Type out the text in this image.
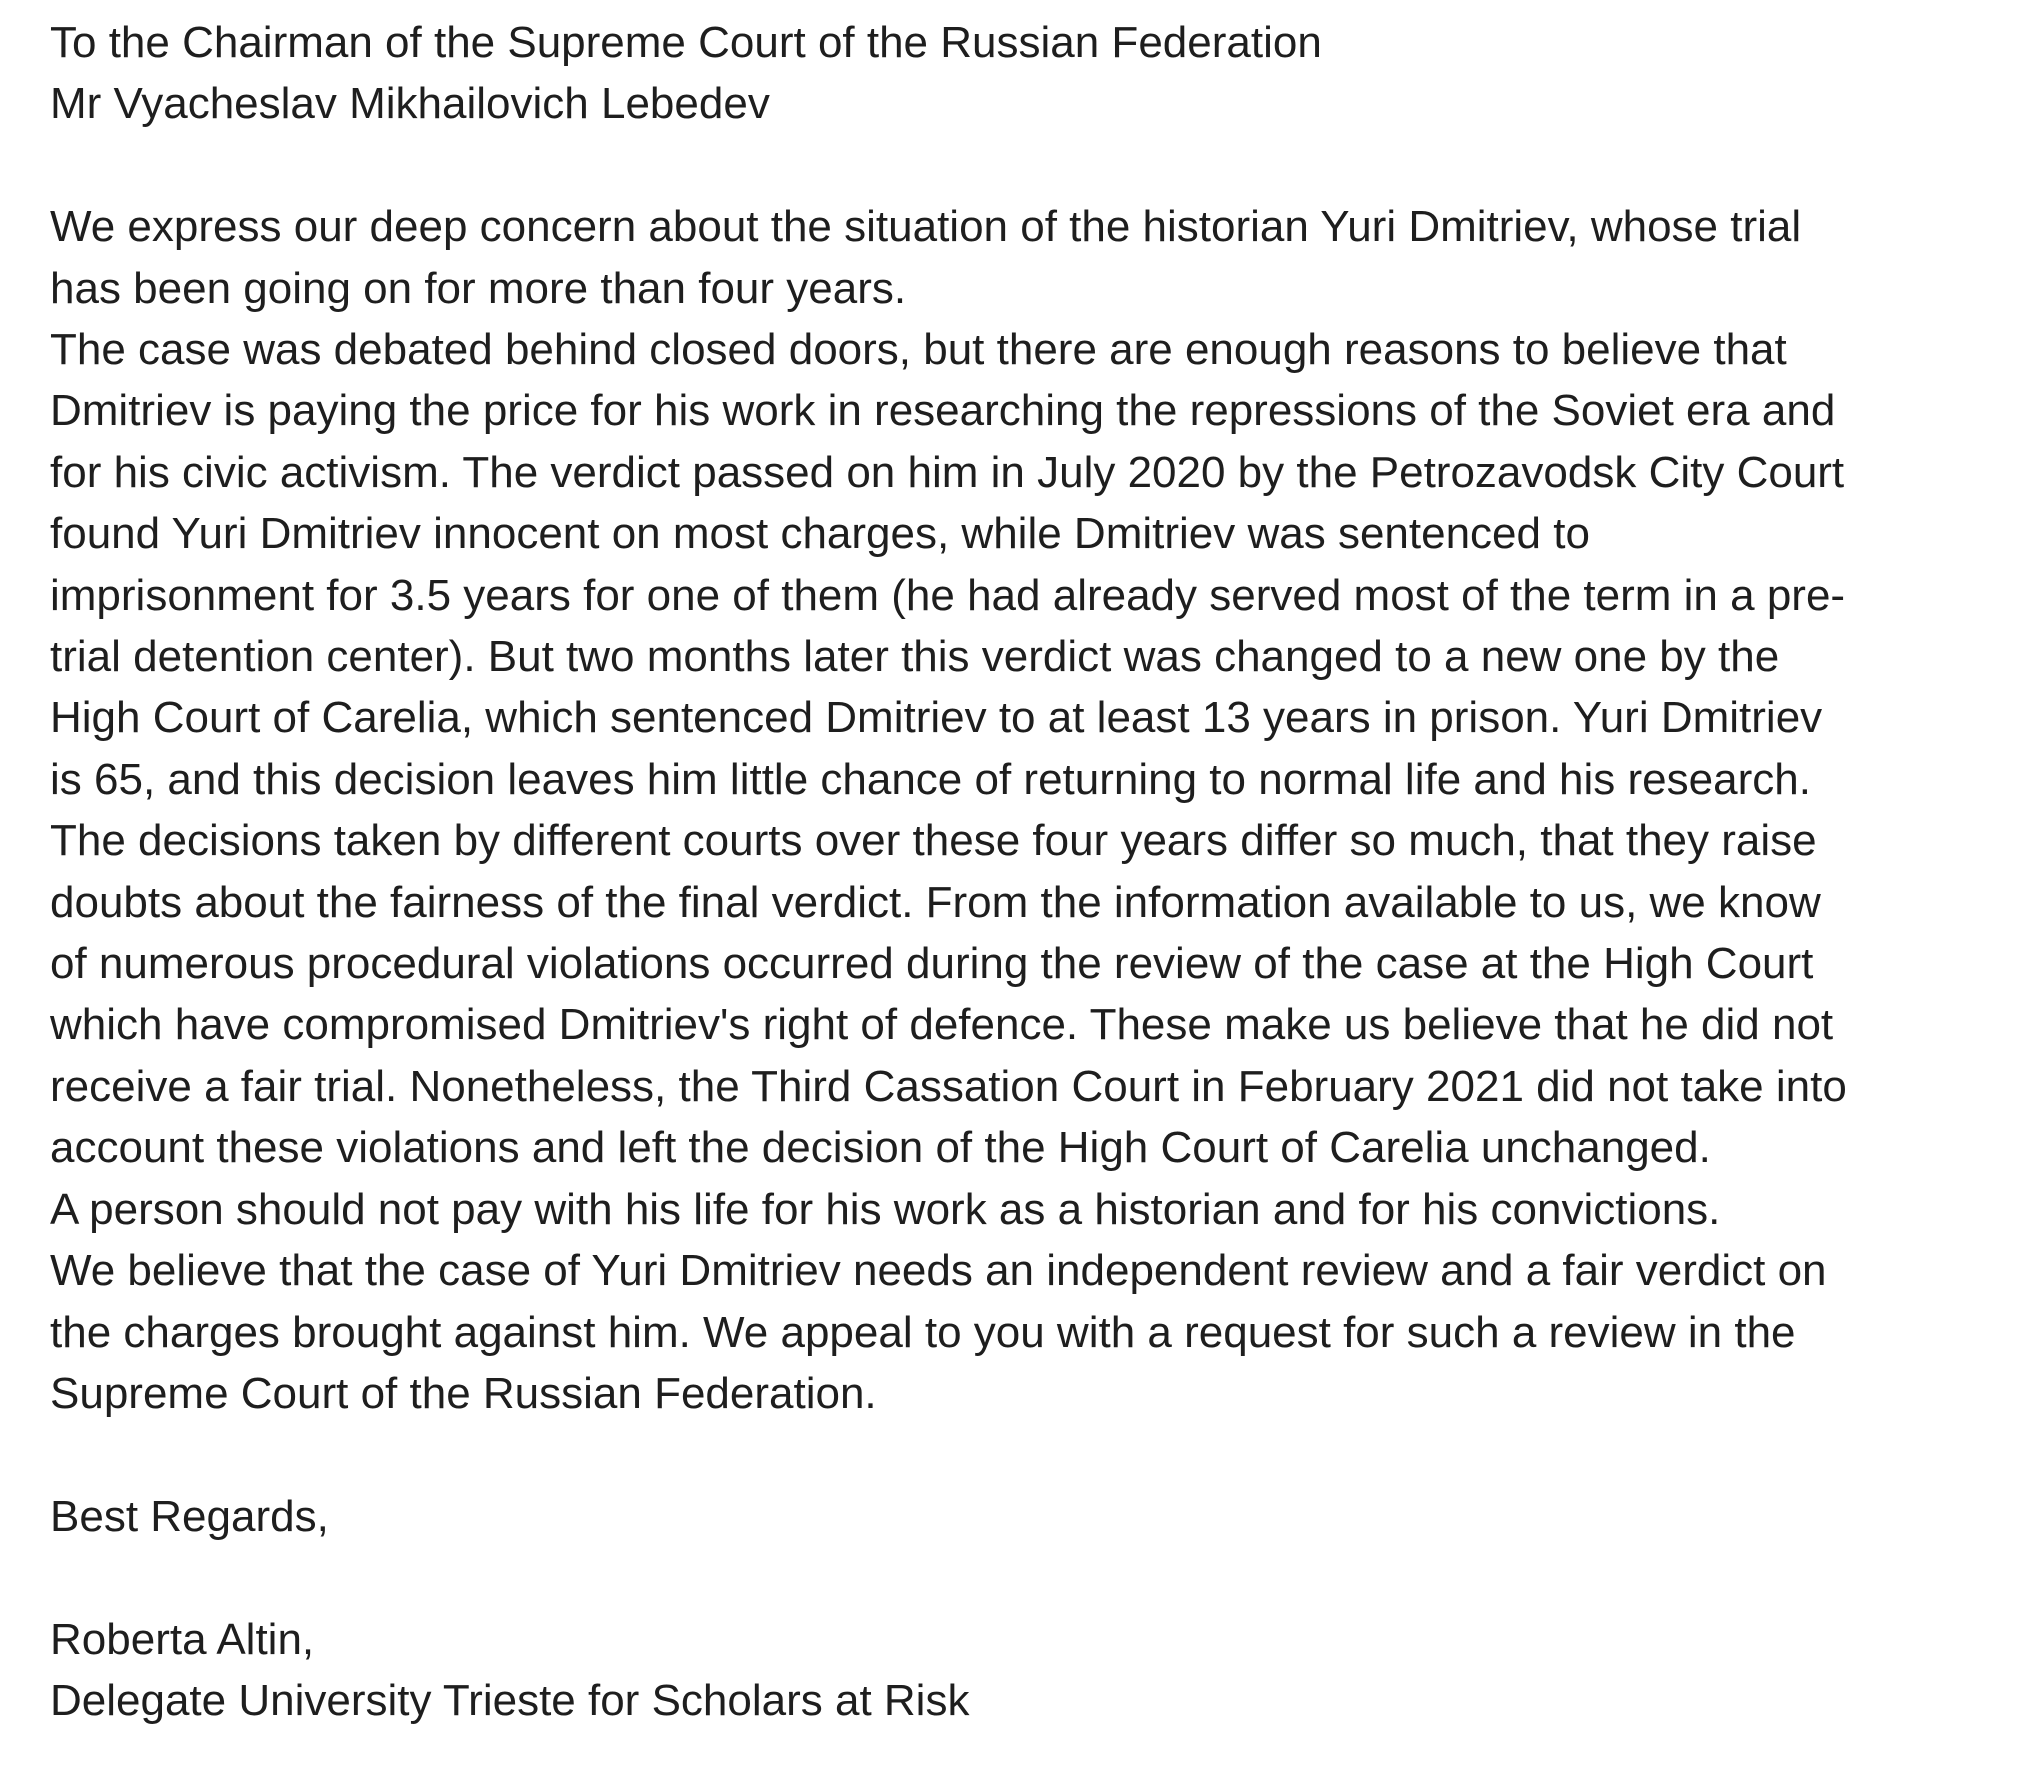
To the Chairman of the Supreme Court of the Russian Federation
Mr Vyacheslav Mikhailovich Lebedev
We express our deep concern about the situation of the historian Yuri Dmitriev, whose trial
has been going on for more than four years.
The case was debated behind closed doors, but there are enough reasons to believe that
Dmitriev is paying the price for his work in researching the repressions of the Soviet era and
for his civic activism. The verdict passed on him in July 2020 by the Petrozavodsk City Court
found Yuri Dmitriev innocent on most charges, while Dmitriev was sentenced to
imprisonment for 3.5 years for one of them (he had already served most of the term in a pre-
trial detention center). But two months later this verdict was changed to a new one by the
High Court of Carelia, which sentenced Dmitriev to at least 13 years in prison. Yuri Dmitriev
is 65, and this decision leaves him little chance of returning to normal life and his research.
The decisions taken by different courts over these four years differ so much, that they raise
doubts about the fairness of the final verdict. From the information available to us, we know
of numerous procedural violations occurred during the review of the case at the High Court
which have compromised Dmitriev's right of defence. These make us believe that he did not
receive a fair trial. Nonetheless, the Third Cassation Court in February 2021 did not take into
account these violations and left the decision of the High Court of Carelia unchanged.
A person should not pay with his life for his work as a historian and for his convictions.
We believe that the case of Yuri Dmitriev needs an independent review and a fair verdict on
the charges brought against him. We appeal to you with a request for such a review in the
Supreme Court of the Russian Federation.
Best Regards,
Roberta Altin,
Delegate University Trieste for Scholars at Risk
